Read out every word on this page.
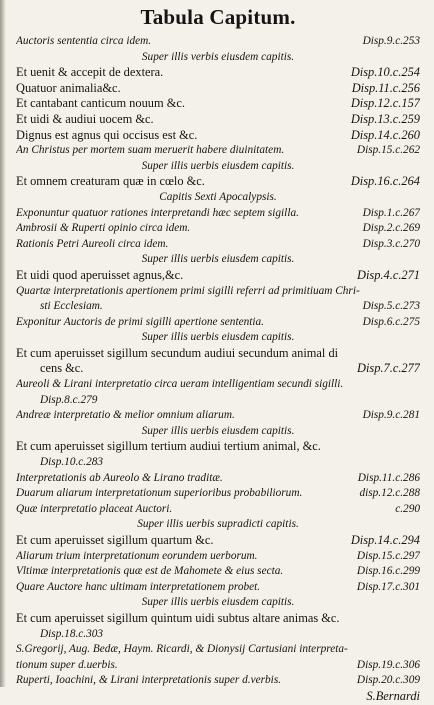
Tabula Capitum.
Auctoris sententia circa idem.	Disp.9.c.253
Super illis verbis eiusdem capitis.
Et uenit & accepit de dextera.	Disp.10.c.254
Quatuor animalia&c.	Disp.11.c.256
Et cantabant canticum nouum &c.	Disp.12.c.157
Et uidi & audiui uocem &c.	Disp.13.c.259
Dignus est agnus qui occisus est &c.	Disp.14.c.260
An Christus per mortem suam meruerit habere diuinitatem.	Disp.15.c.262
Super illis uerbis eiusdem capitis.
Et omnem creaturam quæ in cœlo &c.	Disp.16.c.264
Capitis Sexti Apocalypsis.
Exponuntur quatuor rationes interpretandi hæc septem sigilla.	Disp.1.c.267
Ambrosii & Ruperti opinio circa idem.	Disp.2.c.269
Rationis Petri Aureoli circa idem.	Disp.3.c.270
Super illis uerbis eiusdem capitis.
Et uidi quod aperuisset agnus,&c.	Disp.4.c.271
Quartæ interpretationis apertionem primi sigilli referri ad primitiuam Chri-
sti Ecclesiam.	Disp.5.c.273
Exponitur Auctoris de primi sigilli apertione sententia.	Disp.6.c.275
Super illis uerbis eiusdem capitis.
Et cum aperuisset sigillum secundum audiui secundum animal di
cens &c.	Disp.7.c.277
Aureoli & Lirani interpretatio circa ueram intelligentiam secundi sigilli.
Disp.8.c.279
Andreæ interpretatio & melior omnium aliarum.	Disp.9.c.281
Super illis uerbis eiusdem capitis.
Et cum aperuisset sigillum tertium audiui tertium animal, &c.
Disp.10.c.283
Interpretationis ab Aureolo & Lirano traditæ.	Disp.11.c.286
Duarum aliarum interpretationum superioribus probabiliorum.	disp.12.c.288
Quæ interpretatio placeat Auctori.	c.290
Super illis uerbis supradicti capitis.
Et cum aperuisset sigillum quartum &c.	Disp.14.c.294
Aliarum trium interpretationum eorundem uerborum.	Disp.15.c.297
Vltimæ interpretationis quæ est de Mahomete & eius secta.	Disp.16.c.299
Quare Auctore hanc ultimam interpretationem probet.	Disp.17.c.301
Super illis uerbis eiusdem capitis.
Et cum aperuisset sigillum quintum uidi subtus altare animas &c.
Disp.18.c.303
S.Gregorij, Aug. Bedæ, Haym. Ricardi, & Dionysij Cartusiani interpreta-
tionum super d.uerbis.	Disp.19.c.306
Ruperti, Ioachini, & Lirani interpretationis super d.verbis.	Disp.20.c.309
S.Bernardi
